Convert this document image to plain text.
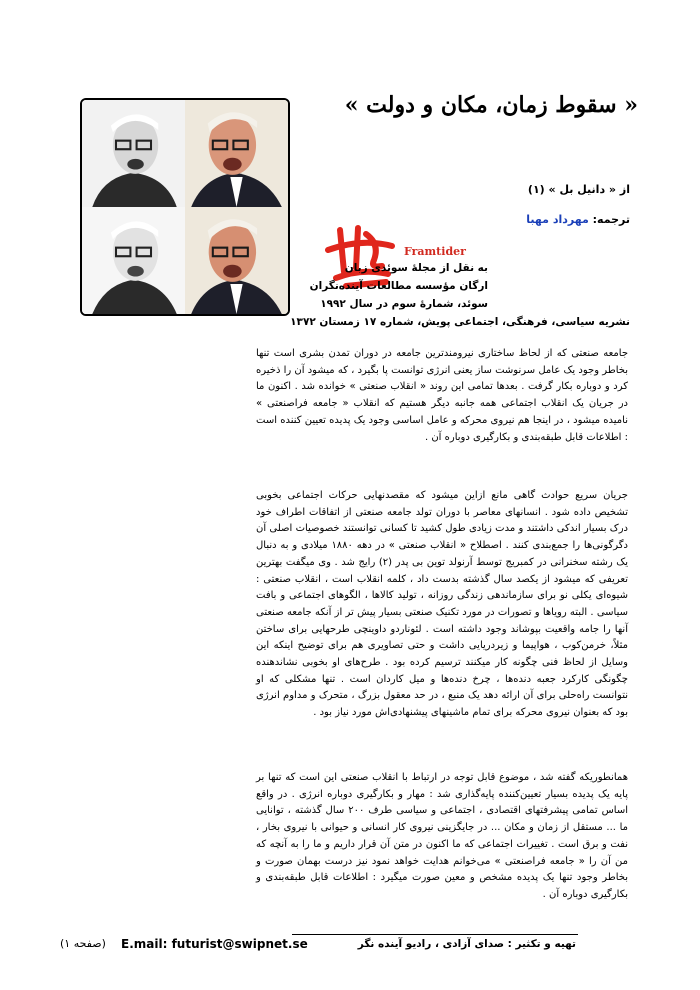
« سقوط زمان، مکان و دولت »
از « دانیل بل » (۱)
ترجمه: مهرداد مهبا
Framtider
به نقل از مجلهٔ سوئدی زبان
ارگان مؤسسه مطالعات آینده‌نگران
سوئد، شمارهٔ سوم در سال ۱۹۹۲
نشریه سیاسی، فرهنگی، اجتماعی پویش، شماره ۱۷ زمستان ۱۳۷۲
جامعه صنعتی که از لحاظ ساختاری نیرومندترین جامعه در دوران تمدن بشری است تنها بخاطر وجود یک عامل سرنوشت ساز یعنی انرژی توانست پا بگیرد ، که میشود آن را ذخیره کرد و دوباره بکار گرفت . بعدها تمامی این روند « انقلاب صنعتی » خوانده شد . اکنون ما در جریان یک انقلاب اجتماعی همه جانبه دیگر هستیم که انقلاب « جامعه فراصنعتی » نامیده میشود ، در اینجا هم نیروی محرکه و عامل اساسی وجود یک پدیده تعیین کننده است : اطلاعات قابل طبقه‌بندی و بکارگیری دوباره آن .
جریان سریع حوادث گاهی مانع ازاین میشود که مقصدنهایی حرکات اجتماعی بخوبی تشخیص داده شود . انسانهای معاصر با دوران تولد جامعه صنعتی از اتفاقات اطراف خود درک بسیار اندکی داشتند و مدت زیادی طول کشید تا کسانی توانستند خصوصیات اصلی آن دگرگونی‌ها را جمع‌بندی کنند . اصطلاح « انقلاب صنعتی » در دهه ۱۸۸۰ میلادی و به دنبال یک رشته سخنرانی در کمبریج توسط آرنولد توین بی پدر (۲) رایج شد . وی میگفت بهترین تعریفی که میشود از یکصد سال گذشته بدست داد ، کلمه انقلاب است ، انقلاب صنعتی : شیوه‌ای یکلی نو برای سازماندهی زندگی روزانه ، تولید کالاها ، الگوهای اجتماعی و بافت سیاسی . البته رویاها و تصورات در مورد تکنیک صنعتی بسیار پیش تر از آنکه جامعه صنعتی آنها را جامه واقعیت بپوشاند وجود داشته است . لئوناردو داوینچی طرحهایی برای ساختن مثلاً، خرمن‌کوب ، هواپیما و زیردریایی داشت و حتی تصاویری هم برای توضیح اینکه این وسایل از لحاظ فنی چگونه کار میکنند ترسیم کرده بود . طرح‌های او بخوبی نشاندهنده چگونگی کارکرد جعبه دنده‌ها ، چرخ دنده‌ها و میل کاردان است . تنها مشکلی که او نتوانست راه‌حلی برای آن ارائه دهد یک منبع ، در حد معقول بزرگ ، متحرک و مداوم انرژی بود که بعنوان نیروی محرکه برای تمام ماشینهای پیشنهادی‌اش مورد نیاز بود .
همانطوریکه گفته شد ، موضوع قابل توجه در ارتباط با انقلاب صنعتی این است که تنها بر پایه یک پدیده بسیار تعیین‌کننده پایه‌گذاری شد : مهار و بکارگیری دوباره انرژی . در واقع اساس تمامی پیشرفتهای اقتصادی ، اجتماعی و سیاسی طرف ۲۰۰ سال گذشته ، توانایی ما ... مستقل از زمان و مکان ... در جایگزینی نیروی کار انسانی و حیوانی با نیروی بخار ، نفت و برق است . تغییرات اجتماعی که ما اکنون در متن آن قرار داریم و ما را به آنچه که من آن را « جامعه فراصنعتی » می‌خوانم هدایت خواهد نمود نیز درست بهمان صورت و بخاطر وجود تنها یک پدیده مشخص و معین صورت میگیرد : اطلاعات قابل طبقه‌بندی و بکارگیری دوباره آن .
تهیه و تکثیر : صدای آزادی ، رادیو آینده نگر
E.mail: futurist@swipnet.se
(صفحه ۱)
